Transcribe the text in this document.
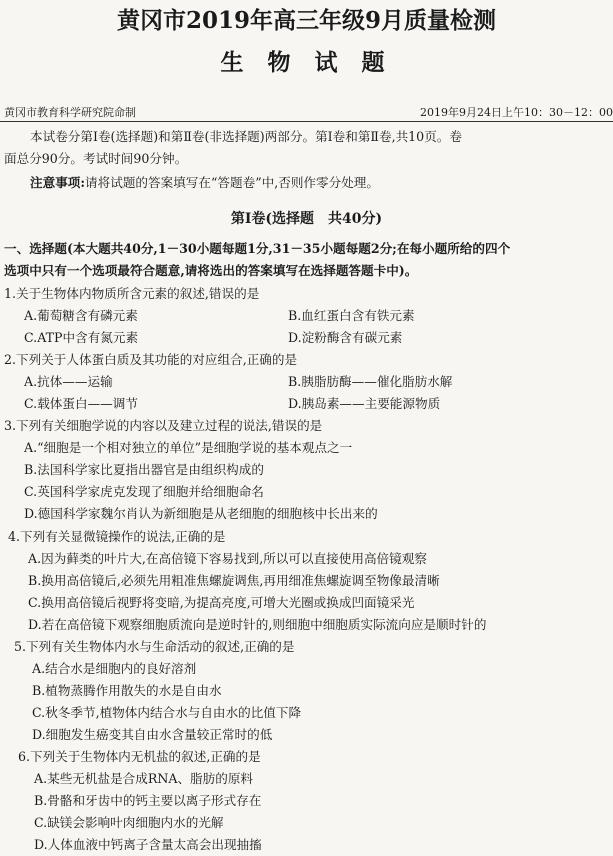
黄冈市2019年高三年级9月质量检测
生 物 试 题
黄冈市教育科学研究院命制	2019年9月24日上午10：30－12：00
本试卷分第Ⅰ卷(选择题)和第Ⅱ卷(非选择题)两部分。第Ⅰ卷和第Ⅱ卷,共10页。卷
面总分90分。考试时间90分钟。
注意事项:请将试题的答案填写在“答题卷”中,否则作零分处理。
第Ⅰ卷(选择题　共40分)
一、选择题(本大题共40分,1－30小题每题1分,31－35小题每题2分;在每小题所给的四个
选项中只有一个选项最符合题意,请将选出的答案填写在选择题答题卡中)。
1.关于生物体内物质所含元素的叙述,错误的是
A.葡萄糖含有磷元素	B.血红蛋白含有铁元素
C.ATP中含有氮元素	D.淀粉酶含有碳元素
2.下列关于人体蛋白质及其功能的对应组合,正确的是
A.抗体——运输	B.胰脂肪酶——催化脂肪水解
C.载体蛋白——调节	D.胰岛素——主要能源物质
3.下列有关细胞学说的内容以及建立过程的说法,错误的是
A.“细胞是一个相对独立的单位”是细胞学说的基本观点之一
B.法国科学家比夏指出器官是由组织构成的
C.英国科学家虎克发现了细胞并给细胞命名
D.德国科学家魏尔肖认为新细胞是从老细胞的细胞核中长出来的
4.下列有关显微镜操作的说法,正确的是
A.因为藓类的叶片大,在高倍镜下容易找到,所以可以直接使用高倍镜观察
B.换用高倍镜后,必须先用粗准焦螺旋调焦,再用细准焦螺旋调至物像最清晰
C.换用高倍镜后视野将变暗,为提高亮度,可增大光圈或换成凹面镜采光
D.若在高倍镜下观察细胞质流向是逆时针的,则细胞中细胞质实际流向应是顺时针的
5.下列有关生物体内水与生命活动的叙述,正确的是
A.结合水是细胞内的良好溶剂
B.植物蒸腾作用散失的水是自由水
C.秋冬季节,植物体内结合水与自由水的比值下降
D.细胞发生癌变其自由水含量较正常时的低
6.下列关于生物体内无机盐的叙述,正确的是
A.某些无机盐是合成RNA、脂肪的原料
B.骨骼和牙齿中的钙主要以离子形式存在
C.缺镁会影响叶肉细胞内水的光解
D.人体血液中钙离子含量太高会出现抽搐
